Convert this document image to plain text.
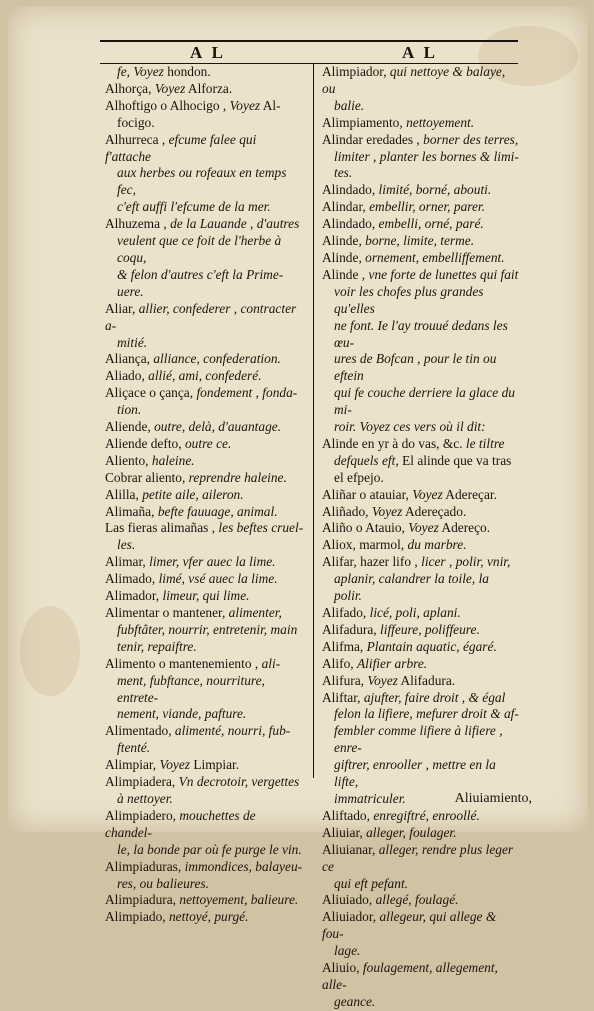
A L	A L

fe, Voyez hondon.

Alhorça, Voyez Alforza.

Alhoftigo o Alhocigo , Voyez Al-

focigo.

Alhurreca , efcume falee qui f'attache

aux herbes ou rofeaux en temps fec,

c'eft auffi l'efcume de la mer.

Alhuzema , de la Lauande , d'autres

veulent que ce foit de l'herbe à coqu,

& felon d'autres c'eft la Prime-

uere.

Aliar, allier, confederer , contracter a-

mitié.

Aliança, alliance, confederation.

Aliado, allié, ami, confederé.

Aliçace o çança, fondement , fonda-

tion.

Aliende, outre, delà, d'auantage.

Aliende defto, outre ce.

Aliento, haleine.

Cobrar aliento, reprendre haleine.

Alilla, petite aile, aileron.

Alimaña, befte fauuage, animal.

Las fieras alimañas , les beftes cruel-

les.

Alimar, limer, vfer auec la lime.

Alimado, limé, vsé auec la lime.

Alimador, limeur, qui lime.

Alimentar o mantener, alimenter,

fubftâter, nourrir, entretenir, main

tenir, repaiftre.

Alimento o mantenemiento , ali-

ment, fubftance, nourriture, entrete-

nement, viande, pafture.

Alimentado, alimenté, nourri, fub-

ftenté.

Alimpiar, Voyez Limpiar.

Alimpiadera, Vn decrotoir, vergettes

à nettoyer.

Alimpiadero, mouchettes de chandel-

le, la bonde par où fe purge le vin.

Alimpiaduras, immondices, balayeu-

res, ou balieures.

Alimpiadura, nettoyement, balieure.

Alimpiado, nettoyé, purgé.

Alimpiador, qui nettoye & balaye, ou

balie.

Alimpiamento, nettoyement.

Alindar eredades , borner des terres,

limiter , planter les bornes & limi-

tes.

Alindado, limité, borné, abouti.

Alindar, embellir, orner, parer.

Alindado, embelli, orné, paré.

Alinde, borne, limite, terme.

Alinde, ornement, embelliffement.

Alinde , vne forte de lunettes qui fait

voir les chofes plus grandes qu'elles

ne font. Ie l'ay trouué dedans les œu-

ures de Bofcan , pour le tin ou eftein

qui fe couche derriere la glace du mi-

roir. Voyez ces vers où il dit:

Alinde en yr à do vas, &c. le tiltre

defquels eft, El alinde que va tras

el efpejo.

Aliñar o atauiar, Voyez Adereçar.

Aliñado, Voyez Adereçado.

Aliño o Atauio, Voyez Adereço.

Aliox, marmol, du marbre.

Alifar, hazer lifo , licer , polir, vnir,

aplanir, calandrer la toile, la polir.

Alifado, licé, poli, aplani.

Alifadura, liffeure, poliffeure.

Alifma, Plantain aquatic, égaré.

Alifo, Alifier arbre.

Alifura, Voyez Alifadura.

Aliftar, ajufter, faire droit , & égal

felon la lifiere, mefurer droit & af-

fembler comme lifiere à lifiere , enre-

giftrer, enrooller , mettre en la lifte,

immatriculer.

Aliftado, enregiftré, enroollé.

Aliuiar, alleger, foulager.

Aliuianar, alleger, rendre plus leger ce

qui eft pefant.

Aliuiado, allegé, foulagé.

Aliuiador, allegeur, qui allege & fou-

lage.

Aliuio, foulagement, allegement, alle-

geance.

Aliuiamiento,
